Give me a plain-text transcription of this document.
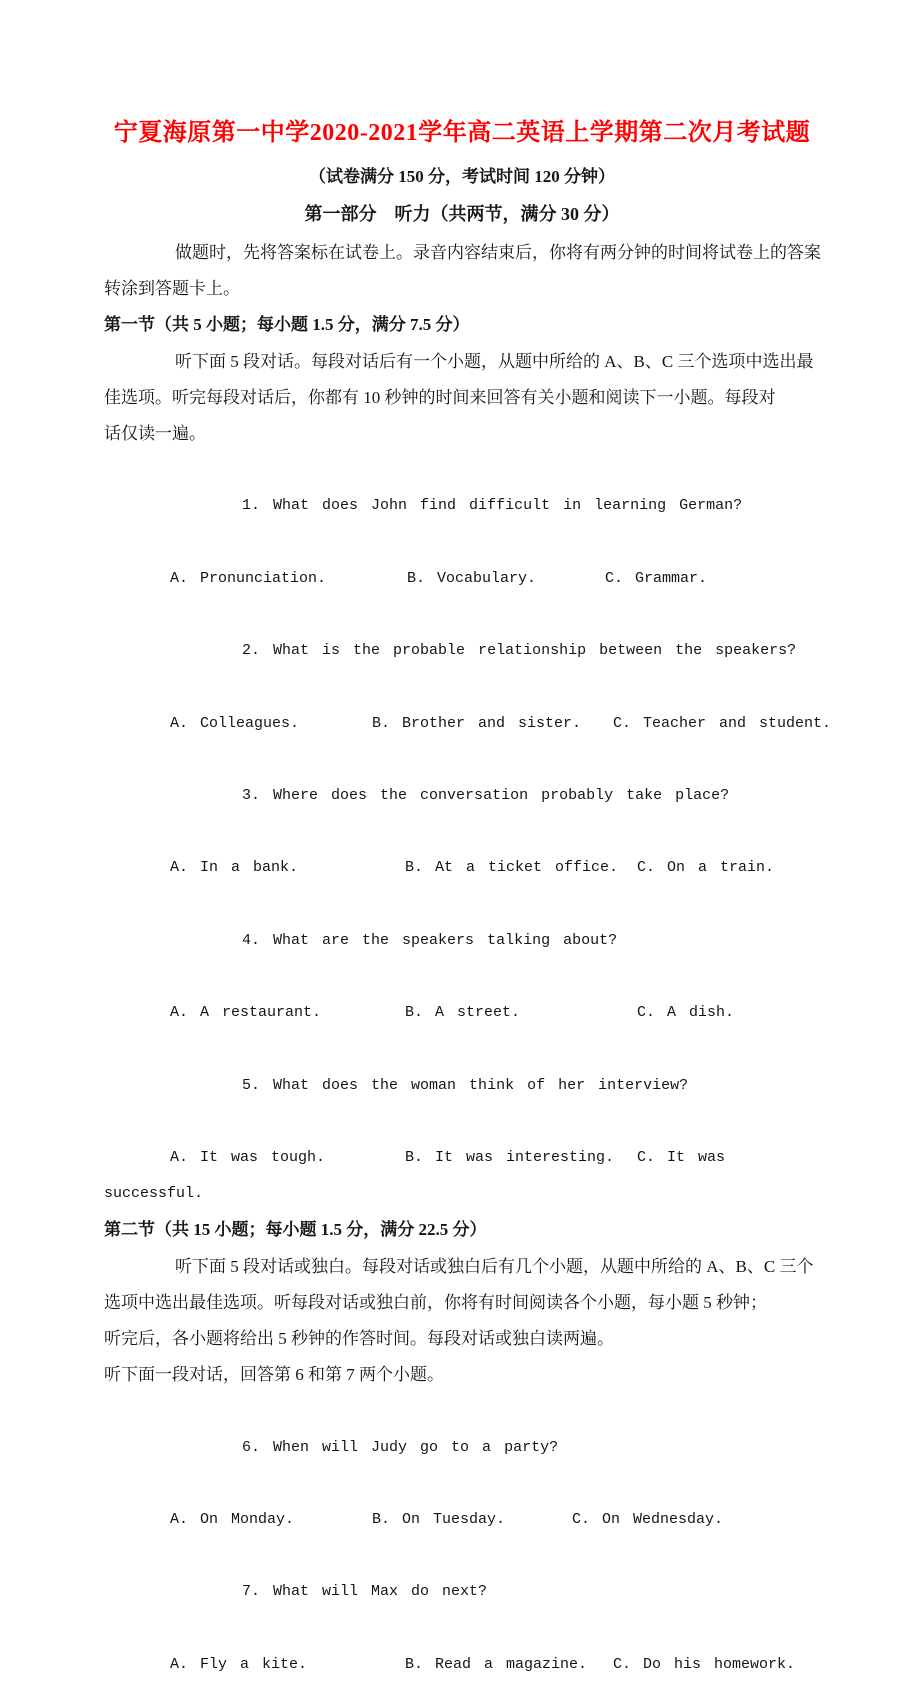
宁夏海原第一中学2020-2021学年高二英语上学期第二次月考试题
（试卷满分 150 分，考试时间 120 分钟）
第一部分　听力（共两节，满分 30 分）
做题时，先将答案标在试卷上。录音内容结束后，你将有两分钟的时间将试卷上的答案
转涂到答题卡上。
第一节（共 5 小题；每小题 1.5 分，满分 7.5 分）
听下面 5 段对话。每段对话后有一个小题，从题中所给的 A、B、C 三个选项中选出最
佳选项。听完每段对话后，你都有 10 秒钟的时间来回答有关小题和阅读下一小题。每段对
话仅读一遍。

1. What does John find difficult in learning German?

A. Pronunciation.	B. Vocabulary.	C. Grammar.

2. What is the probable relationship between the speakers?

A. Colleagues.	B. Brother and sister. C. Teacher and student.

3. Where does the conversation probably take place?

A. In a bank.	B. At a ticket office. C. On a train.

4. What are the speakers talking about?

A. A restaurant.	B. A street.	C. A dish.

5. What does the woman think of her interview?

A. It was tough.	B. It was interesting. C. It was
successful.
第二节（共 15 小题；每小题 1.5 分，满分 22.5 分）
听下面 5 段对话或独白。每段对话或独白后有几个小题，从题中所给的 A、B、C 三个
选项中选出最佳选项。听每段对话或独白前，你将有时间阅读各个小题，每小题 5 秒钟；
听完后，各小题将给出 5 秒钟的作答时间。每段对话或独白读两遍。
听下面一段对话，回答第 6 和第 7 两个小题。

6. When will Judy go to a party?

A. On Monday.	B. On Tuesday.	C. On Wednesday.

7. What will Max do next?

A. Fly a kite.	B. Read a magazine. C. Do his homework.
